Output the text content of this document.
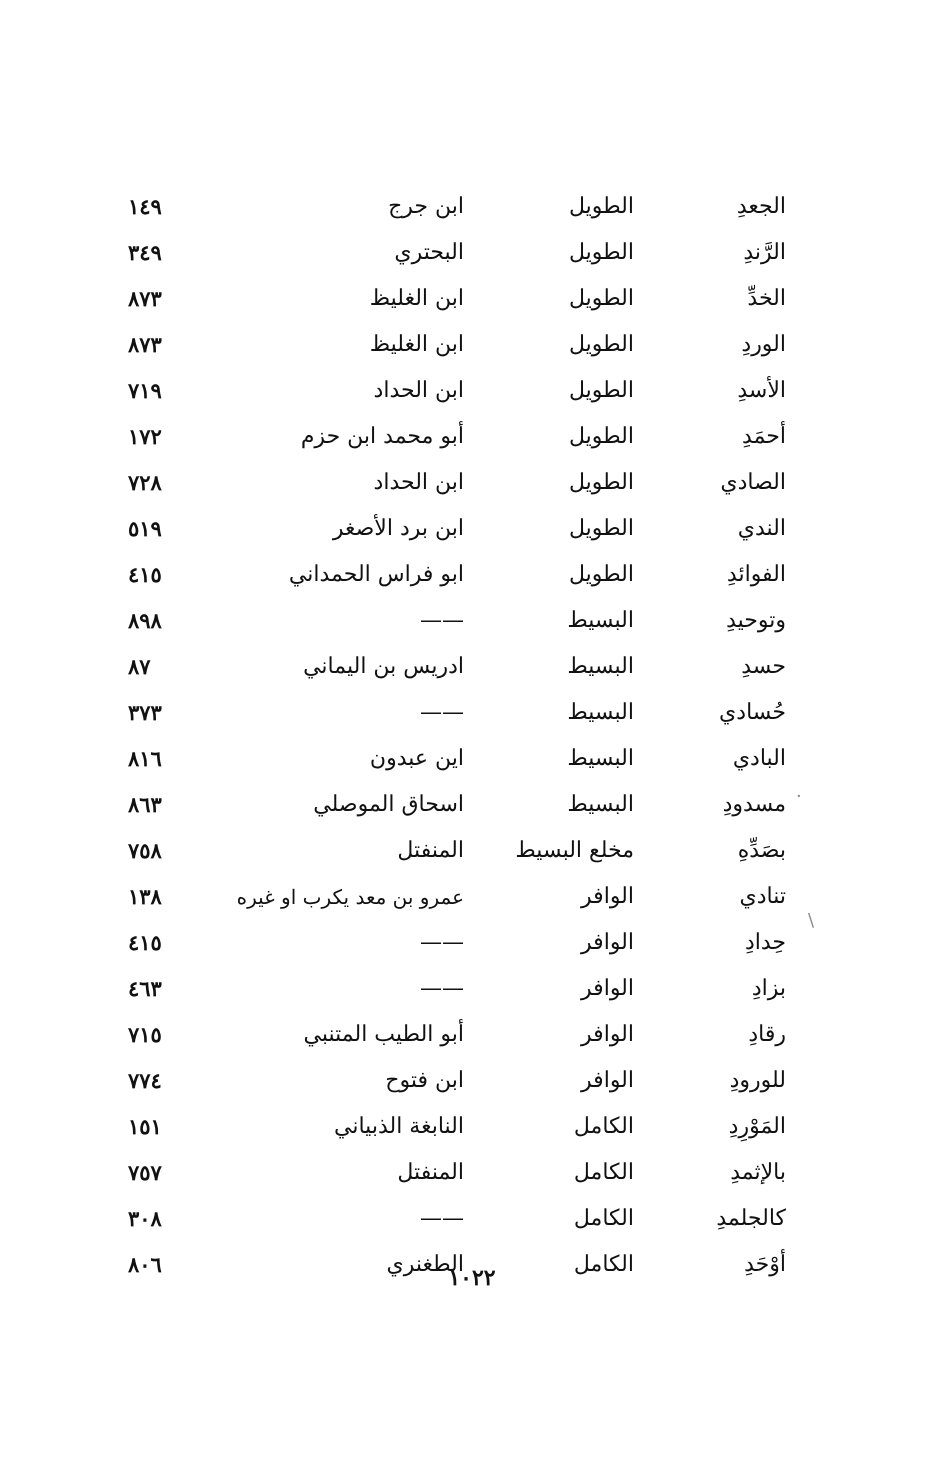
·
\
الجعدِ
الطويل
ابن جرج
١٤٩
الرَّندِ
الطويل
البحتري
٣٤٩
الخدِّ
الطويل
ابن الغليظ
٨٧٣
الوردِ
الطويل
ابن الغليظ
٨٧٣
الأسدِ
الطويل
ابن الحداد
٧١٩
أحمَدِ
الطويل
أبو محمد ابن حزم
١٧٢
الصادي
الطويل
ابن الحداد
٧٢٨
الندي
الطويل
ابن برد الأصغر
٥١٩
الفوائدِ
الطويل
ابو فراس الحمداني
٤١٥
وتوحيدِ
البسيط
——
٨٩٨
حسدِ
البسيط
ادريس بن اليماني
٨٧
حُسادي
البسيط
——
٣٧٣
البادي
البسيط
اين عبدون
٨١٦
مسدودِ
البسيط
اسحاق الموصلي
٨٦٣
بصَدِّهِ
مخلع البسيط
المنفتل
٧٥٨
تنادي
الوافر
عمرو بن معد يكرب او غيره
١٣٨
حِدادِ
الوافر
——
٤١٥
بزادِ
الوافر
——
٤٦٣
رقادِ
الوافر
أبو الطيب المتنبي
٧١٥
للورودِ
الوافر
ابن فتوح
٧٧٤
المَوْرِدِ
الكامل
النابغة الذبياني
١٥١
بالإثمدِ
الكامل
المنفتل
٧٥٧
كالجلمدِ
الكامل
——
٣٠٨
أوْحَدِ
الكامل
الطغنري
٨٠٦
١٠٢٢
